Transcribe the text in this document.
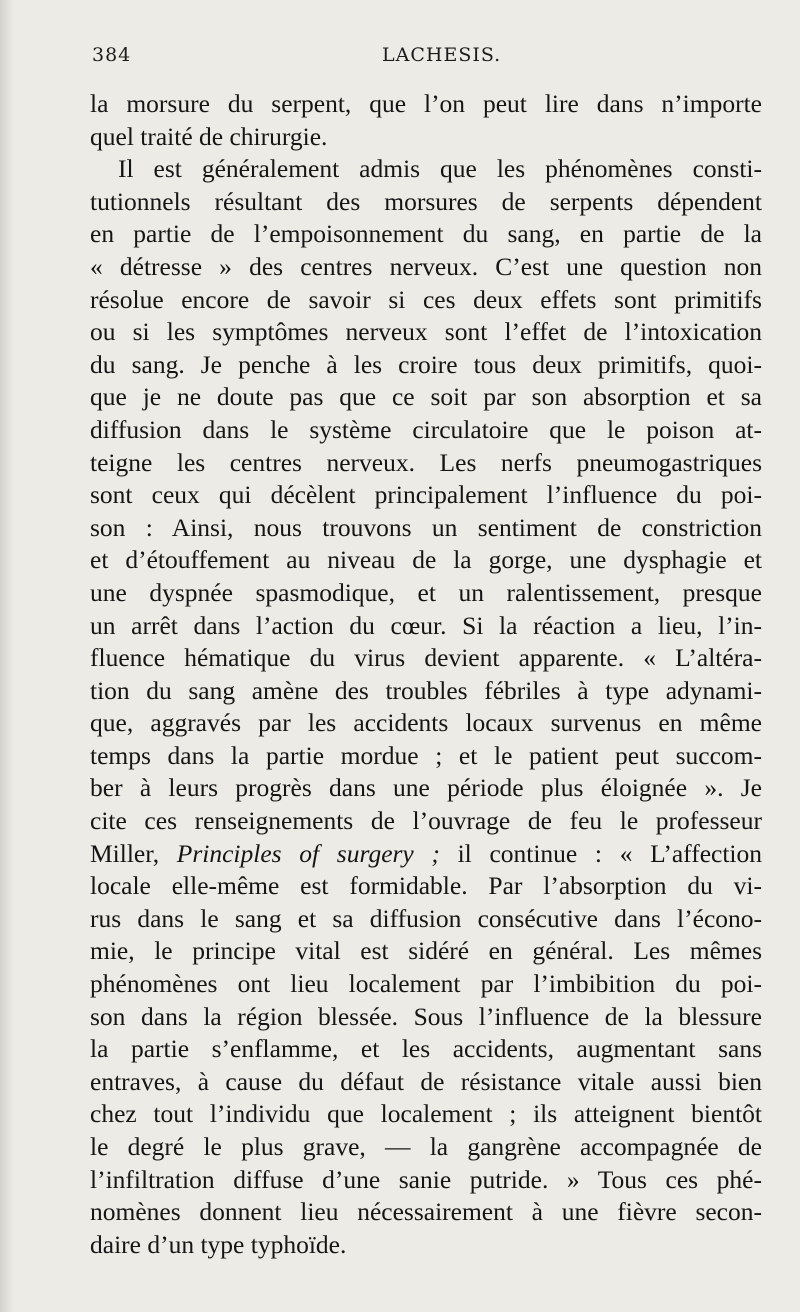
384	LACHESIS.
la morsure du serpent, que l’on peut lire dans n’importe
quel traité de chirurgie.
Il est généralement admis que les phénomènes consti-
tutionnels résultant des morsures de serpents dépendent
en partie de l’empoisonnement du sang, en partie de la
« détresse » des centres nerveux. C’est une question non
résolue encore de savoir si ces deux effets sont primitifs
ou si les symptômes nerveux sont l’effet de l’intoxication
du sang. Je penche à les croire tous deux primitifs, quoi-
que je ne doute pas que ce soit par son absorption et sa
diffusion dans le système circulatoire que le poison at-
teigne les centres nerveux. Les nerfs pneumogastriques
sont ceux qui décèlent principalement l’influence du poi-
son : Ainsi, nous trouvons un sentiment de constriction
et d’étouffement au niveau de la gorge, une dysphagie et
une dyspnée spasmodique, et un ralentissement, presque
un arrêt dans l’action du cœur. Si la réaction a lieu, l’in-
fluence hématique du virus devient apparente. « L’altéra-
tion du sang amène des troubles fébriles à type adynami-
que, aggravés par les accidents locaux survenus en même
temps dans la partie mordue ; et le patient peut succom-
ber à leurs progrès dans une période plus éloignée ». Je
cite ces renseignements de l’ouvrage de feu le professeur
Miller, Principles of surgery ; il continue : « L’affection
locale elle-même est formidable. Par l’absorption du vi-
rus dans le sang et sa diffusion consécutive dans l’écono-
mie, le principe vital est sidéré en général. Les mêmes
phénomènes ont lieu localement par l’imbibition du poi-
son dans la région blessée. Sous l’influence de la blessure
la partie s’enflamme, et les accidents, augmentant sans
entraves, à cause du défaut de résistance vitale aussi bien
chez tout l’individu que localement ; ils atteignent bientôt
le degré le plus grave, — la gangrène accompagnée de
l’infiltration diffuse d’une sanie putride. » Tous ces phé-
nomènes donnent lieu nécessairement à une fièvre secon-
daire d’un type typhoïde.
